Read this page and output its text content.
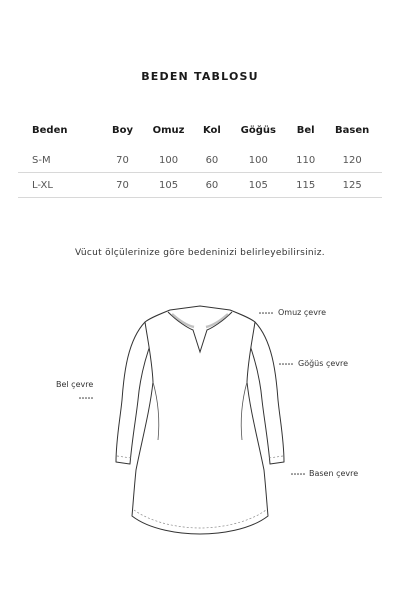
BEDEN TABLOSU
Beden	Boy	Omuz	Kol	Göğüs	Bel	Basen
S-M	70	100	60	100	110	120
L-XL	70	105	60	105	115	125
Vücut ölçülerinize göre bedeninizi belirleyebilirsiniz.
Omuz çevre
Göğüs çevre
Bel çevre
Basen çevre
